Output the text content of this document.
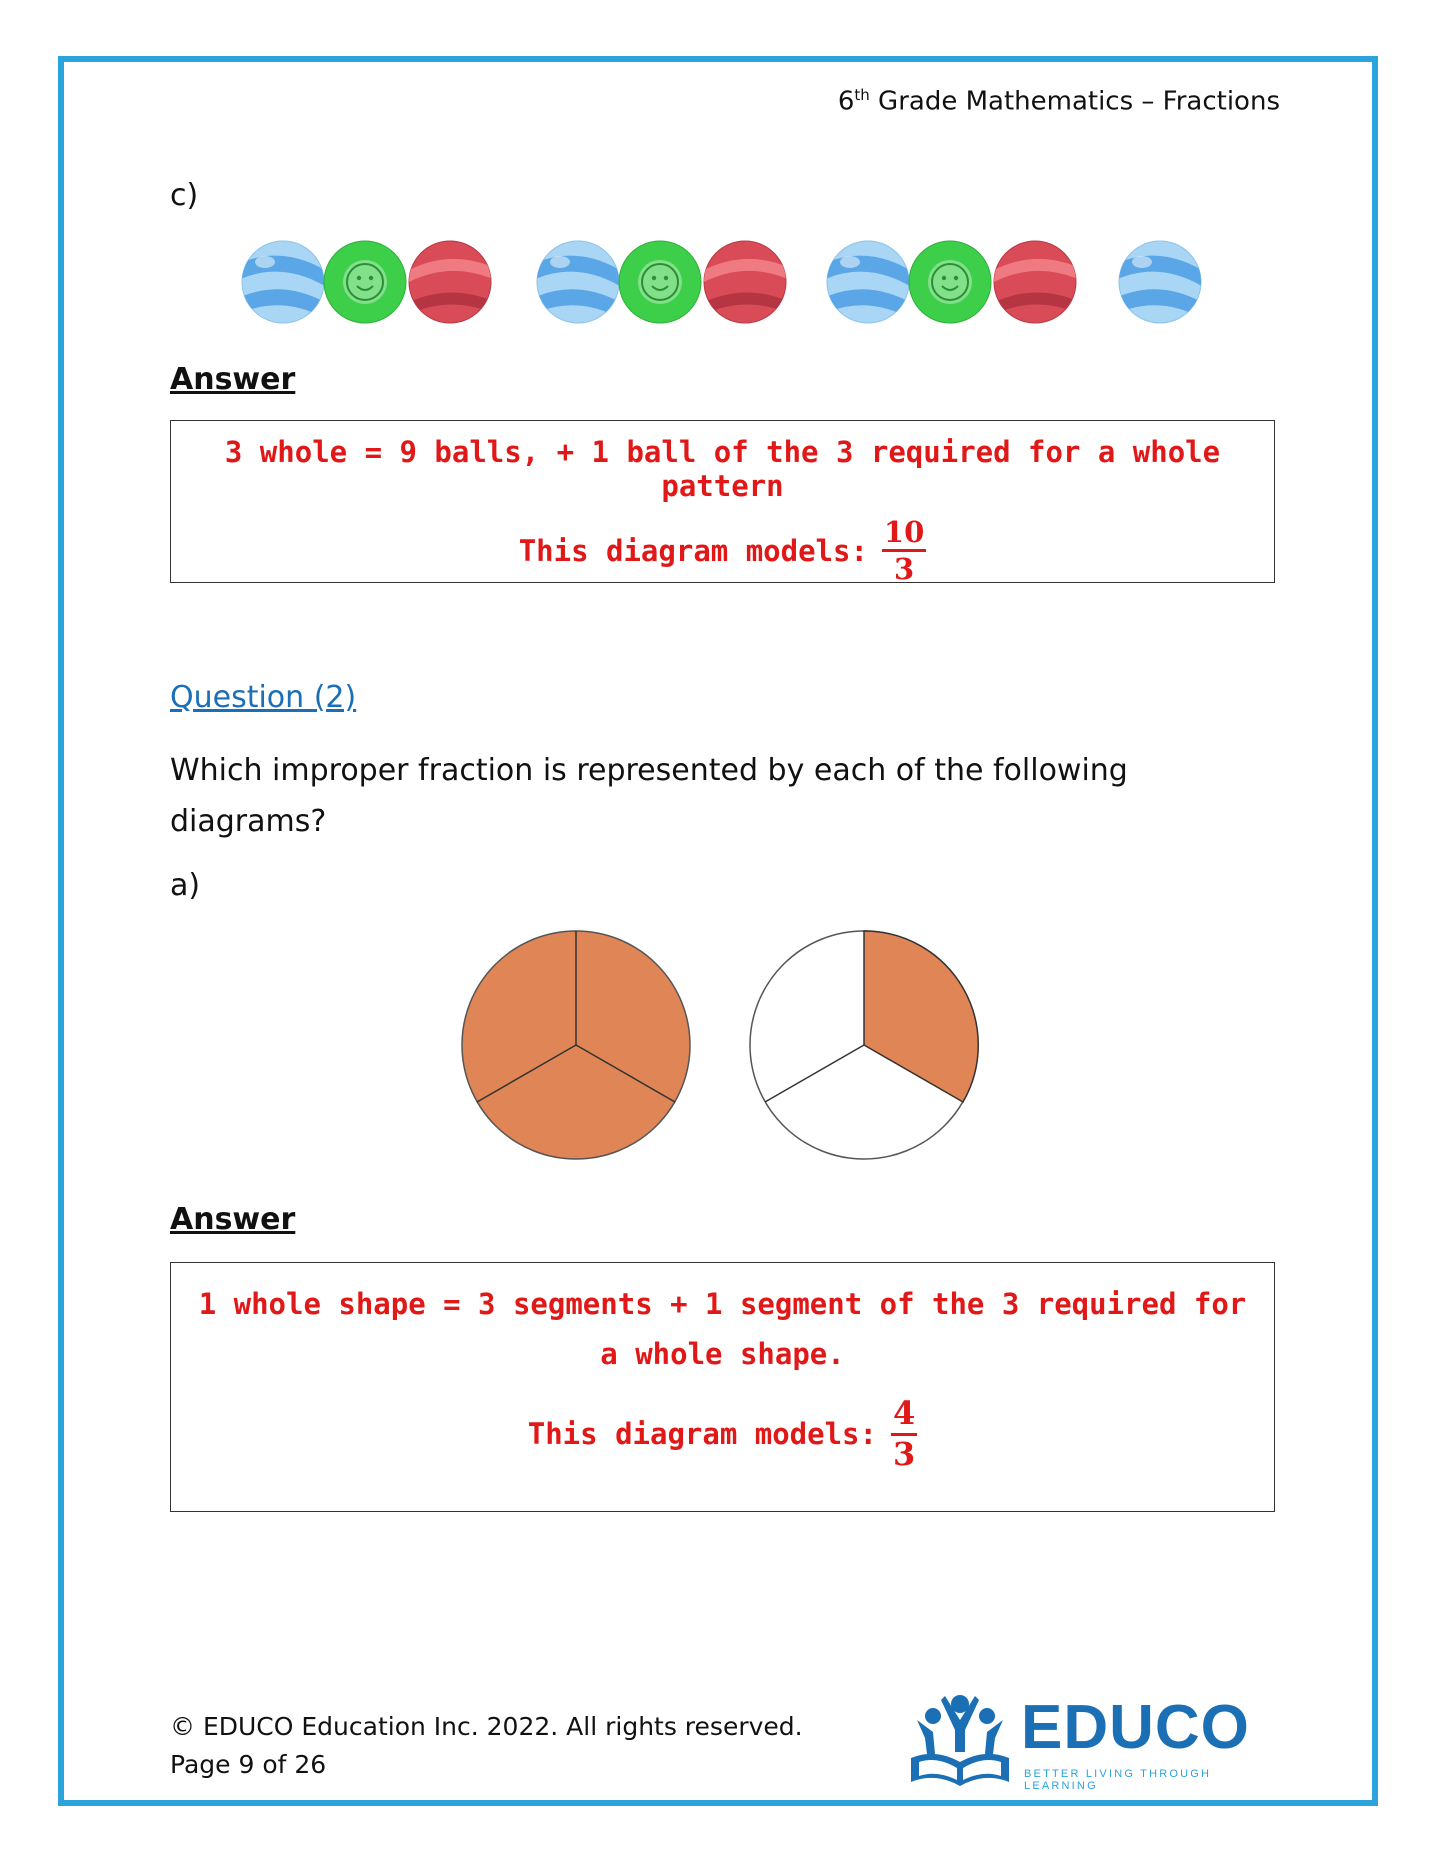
6th Grade Mathematics – Fractions
c)
Answer
3 whole = 9 balls, + 1 ball of the 3 required for a whole pattern
This diagram models: $\frac{10}{3}$
Question (2)
Which improper fraction is represented by each of the following diagrams?
a)
Answer
1 whole shape = 3 segments + 1 segment of the 3 required for a whole shape.
This diagram models: $\frac{4}{3}$
© EDUCO Education Inc. 2022. All rights reserved.
Page 9 of 26
EDUCO
BETTER LIVING THROUGH LEARNING
